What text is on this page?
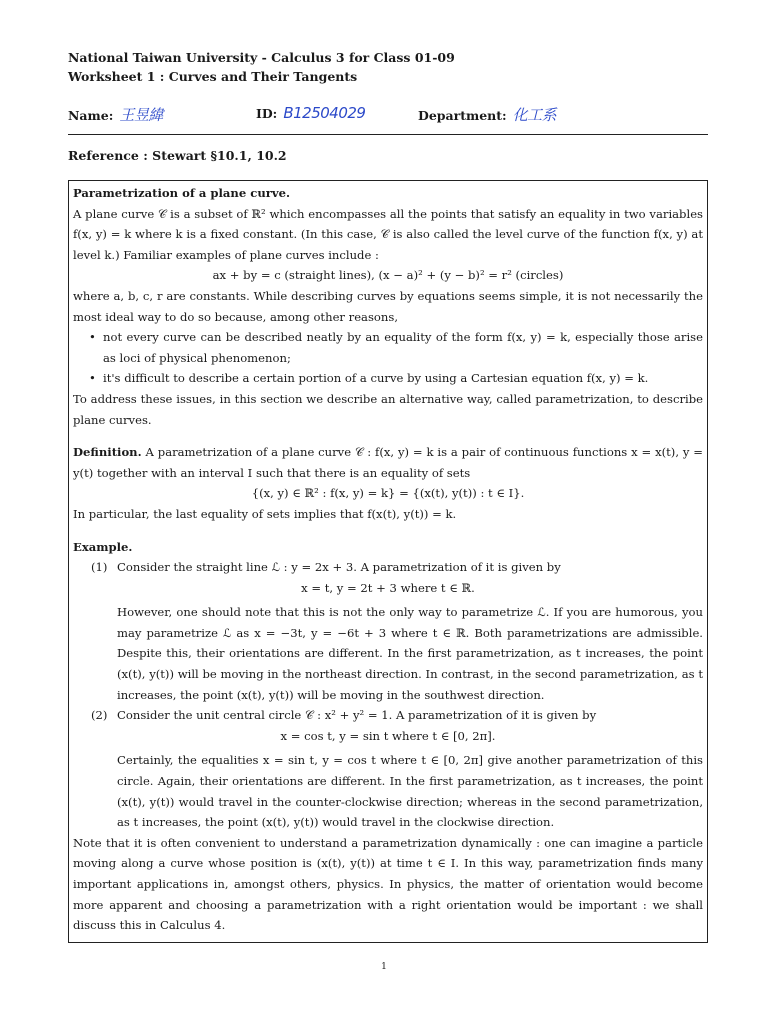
National Taiwan University - Calculus 3 for Class 01-09
Worksheet 1 : Curves and Their Tangents
Name: 王昱緯	ID: B12504029	Department: 化工系
Reference : Stewart §10.1, 10.2

Parametrization of a plane curve.

A plane curve 𝒞 is a subset of ℝ² which encompasses all the points that satisfy an equality in two variables f(x, y) = k where k is a fixed constant. (In this case, 𝒞 is also called the level curve of the function f(x, y) at level k.) Familiar examples of plane curves include :

ax + by = c (straight lines), (x − a)² + (y − b)² = r² (circles)

where a, b, c, r are constants. While describing curves by equations seems simple, it is not necessarily the most ideal way to do so because, among other reasons,

• not every curve can be described neatly by an equality of the form f(x, y) = k, especially those arise as loci of physical phenomenon;
• it's difficult to describe a certain portion of a curve by using a Cartesian equation f(x, y) = k.

To address these issues, in this section we describe an alternative way, called parametrization, to describe plane curves.

Definition. A parametrization of a plane curve 𝒞 : f(x, y) = k is a pair of continuous functions x = x(t), y = y(t) together with an interval I such that there is an equality of sets

{(x, y) ∈ ℝ² : f(x, y) = k} = {(x(t), y(t)) : t ∈ I}.

In particular, the last equality of sets implies that f(x(t), y(t)) = k.

Example.

(1) Consider the straight line ℒ : y = 2x + 3. A parametrization of it is given by

x = t, y = 2t + 3 where t ∈ ℝ.

However, one should note that this is not the only way to parametrize ℒ. If you are humorous, you may parametrize ℒ as x = −3t, y = −6t + 3 where t ∈ ℝ. Both parametrizations are admissible. Despite this, their orientations are different. In the first parametrization, as t increases, the point (x(t), y(t)) will be moving in the northeast direction. In contrast, in the second parametrization, as t increases, the point (x(t), y(t)) will be moving in the southwest direction.

(2) Consider the unit central circle 𝒞 : x² + y² = 1. A parametrization of it is given by

x = cos t, y = sin t where t ∈ [0, 2π].

Certainly, the equalities x = sin t, y = cos t where t ∈ [0, 2π] give another parametrization of this circle. Again, their orientations are different. In the first parametrization, as t increases, the point (x(t), y(t)) would travel in the counter-clockwise direction; whereas in the second parametrization, as t increases, the point (x(t), y(t)) would travel in the clockwise direction.

Note that it is often convenient to understand a parametrization dynamically : one can imagine a particle moving along a curve whose position is (x(t), y(t)) at time t ∈ I. In this way, parametrization finds many important applications in, amongst others, physics. In physics, the matter of orientation would become more apparent and choosing a parametrization with a right orientation would be important : we shall discuss this in Calculus 4.

1
